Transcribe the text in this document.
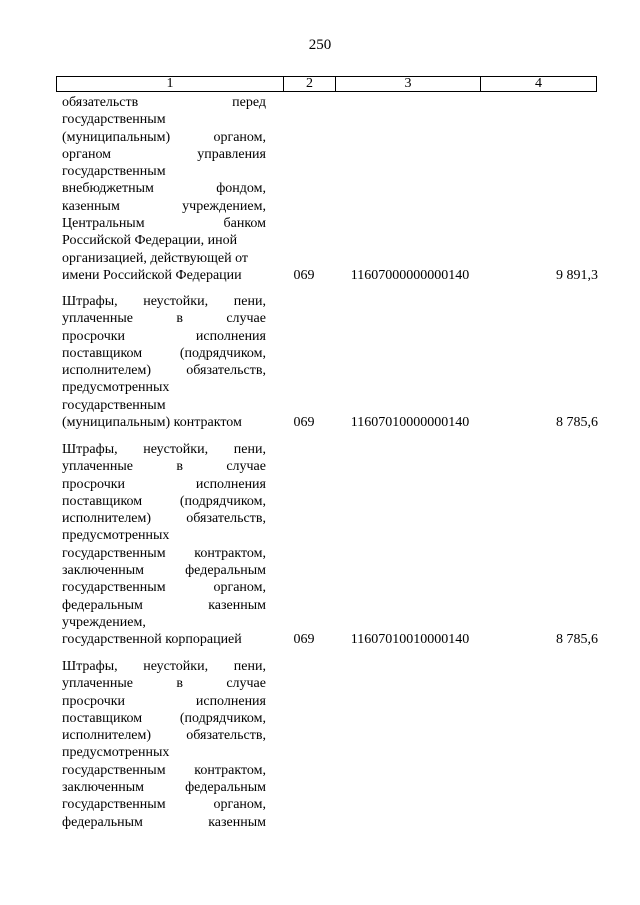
250
1	2	3	4
обязательств	перед
государственным
(муниципальным)	органом,
органом	управления
государственным
внебюджетным	фондом,
казенным	учреждением,
Центральным	банком
Российской Федерации, иной
организацией, действующей от
имени Российской Федерации	069	11607000000000140	9 891,3
Штрафы, неустойки, пени,
уплаченные	в	случае
просрочки	исполнения
поставщиком	(подрядчиком,
исполнителем)	обязательств,
предусмотренных
государственным
(муниципальным) контрактом	069	11607010000000140	8 785,6
Штрафы, неустойки, пени,
уплаченные	в	случае
просрочки	исполнения
поставщиком	(подрядчиком,
исполнителем)	обязательств,
предусмотренных
государственным контрактом,
заключенным	федеральным
государственным	органом,
федеральным	казенным
учреждением,
государственной корпорацией	069	11607010010000140	8 785,6
Штрафы, неустойки, пени,
уплаченные	в	случае
просрочки	исполнения
поставщиком	(подрядчиком,
исполнителем)	обязательств,
предусмотренных
государственным контрактом,
заключенным	федеральным
государственным	органом,
федеральным	казенным
